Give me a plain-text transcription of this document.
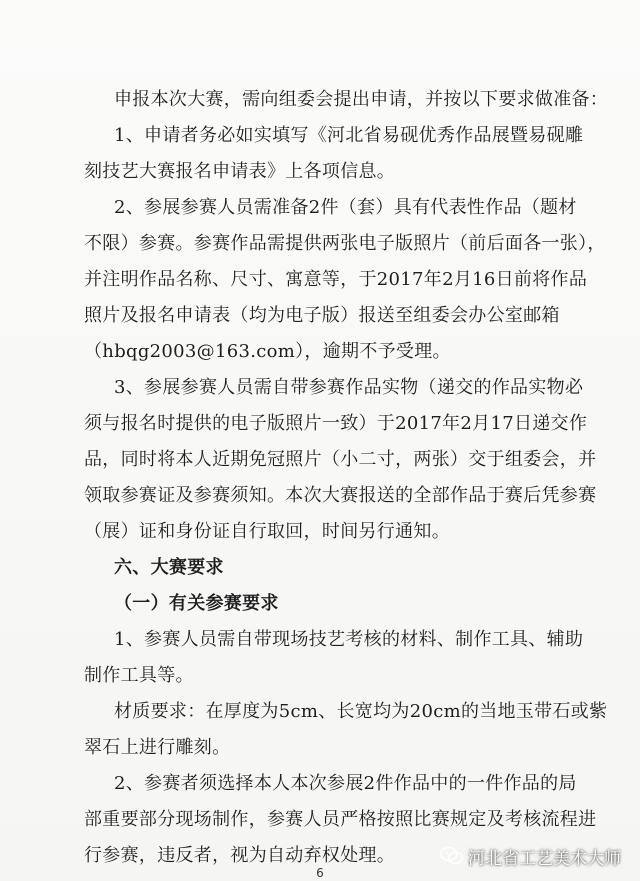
申报本次大赛，需向组委会提出申请，并按以下要求做准备：
1、申请者务必如实填写《河北省易砚优秀作品展暨易砚雕
刻技艺大赛报名申请表》上各项信息。
2、参展参赛人员需准备2件（套）具有代表性作品（题材
不限）参赛。参赛作品需提供两张电子版照片（前后面各一张），
并注明作品名称、尺寸、寓意等，于2017年2月16日前将作品
照片及报名申请表（均为电子版）报送至组委会办公室邮箱
（hbqg2003@163.com），逾期不予受理。
3、参展参赛人员需自带参赛作品实物（递交的作品实物必
须与报名时提供的电子版照片一致）于2017年2月17日递交作
品，同时将本人近期免冠照片（小二寸，两张）交于组委会，并
领取参赛证及参赛须知。本次大赛报送的全部作品于赛后凭参赛
（展）证和身份证自行取回，时间另行通知。
六、大赛要求
（一）有关参赛要求
1、参赛人员需自带现场技艺考核的材料、制作工具、辅助
制作工具等。
材质要求：在厚度为5cm、长宽均为20cm的当地玉带石或紫
翠石上进行雕刻。
2、参赛者须选择本人本次参展2件作品中的一件作品的局
部重要部分现场制作，参赛人员严格按照比赛规定及考核流程进
行参赛，违反者，视为自动弃权处理。
6
河北省工艺美术大师
